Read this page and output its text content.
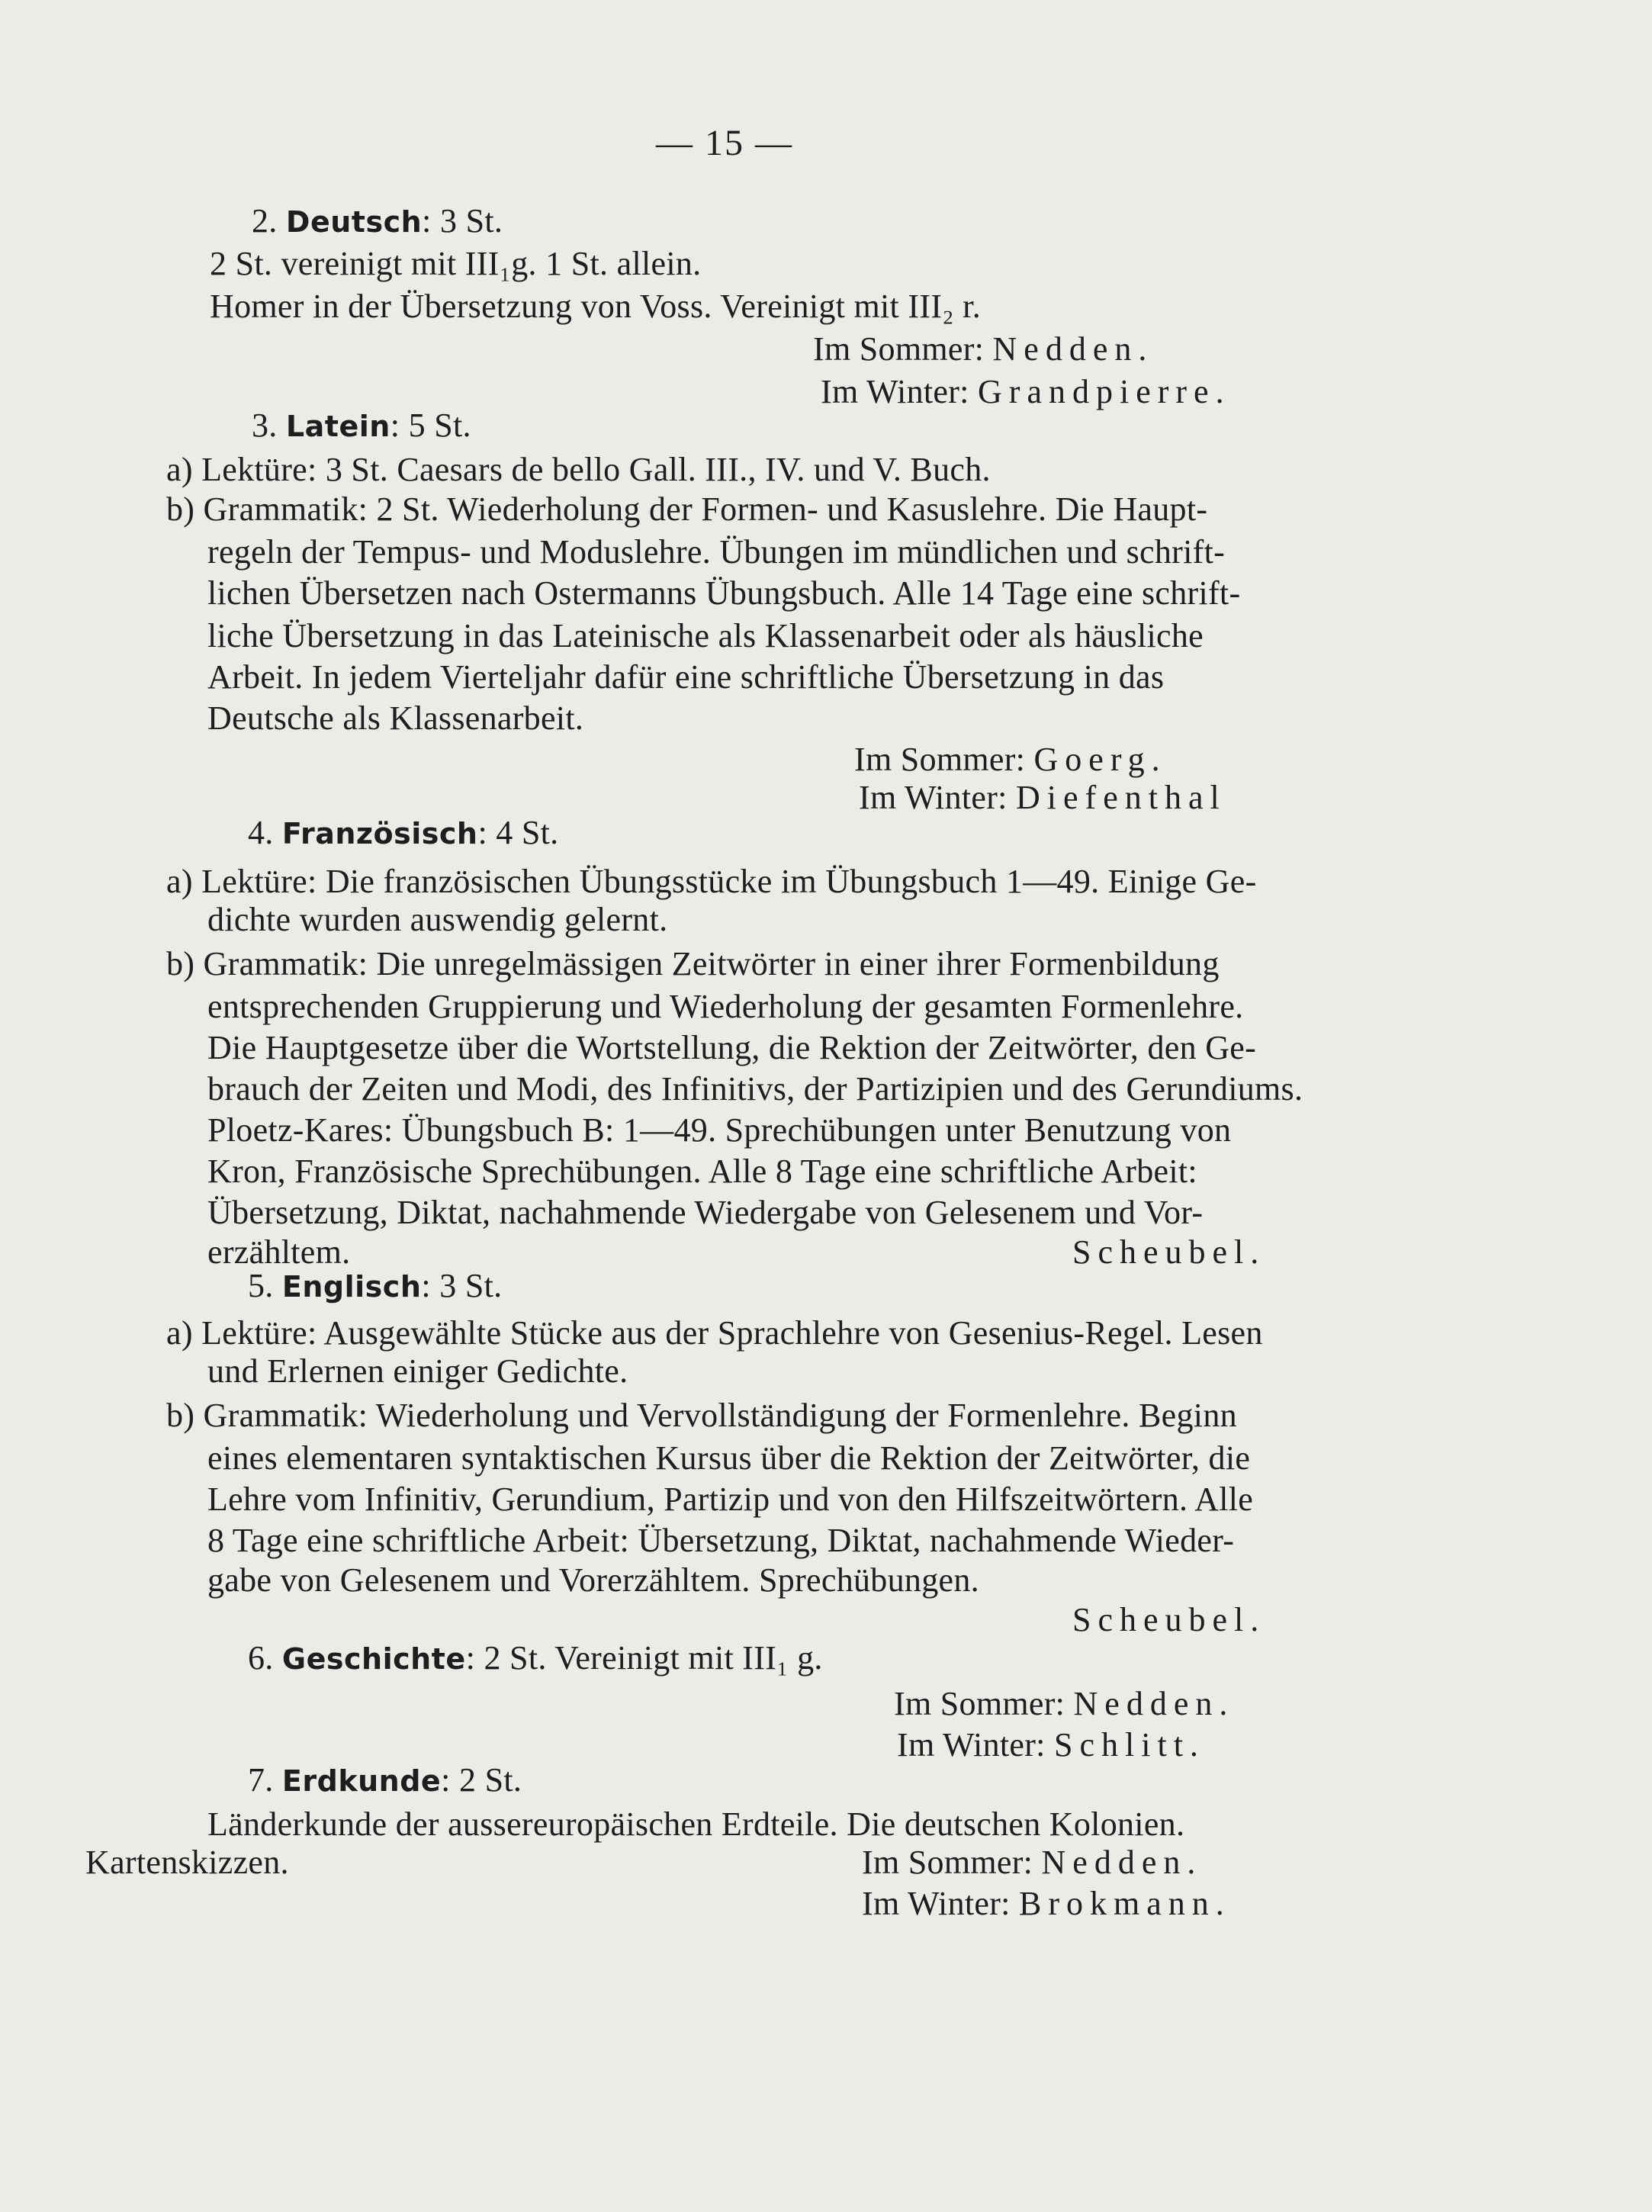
— 15 —
2. Deutsch: 3 St.
2 St. vereinigt mit III₁g. 1 St. allein.
Homer in der Übersetzung von Voss. Vereinigt mit III₂ r.
Im Sommer: Nedden.
Im Winter: Grandpierre.
3. Latein: 5 St.
a) Lektüre: 3 St. Caesars de bello Gall. III., IV. und V. Buch.
b) Grammatik: 2 St. Wiederholung der Formen- und Kasuslehre. Die Haupt-
regeln der Tempus- und Moduslehre. Übungen im mündlichen und schrift-
lichen Übersetzen nach Ostermanns Übungsbuch. Alle 14 Tage eine schrift-
liche Übersetzung in das Lateinische als Klassenarbeit oder als häusliche
Arbeit. In jedem Vierteljahr dafür eine schriftliche Übersetzung in das
Deutsche als Klassenarbeit.
Im Sommer: Goerg.
Im Winter: Diefenthal
4. Französisch: 4 St.
a) Lektüre: Die französischen Übungsstücke im Übungsbuch 1—49. Einige Ge-
dichte wurden auswendig gelernt.
b) Grammatik: Die unregelmässigen Zeitwörter in einer ihrer Formenbildung
entsprechenden Gruppierung und Wiederholung der gesamten Formenlehre.
Die Hauptgesetze über die Wortstellung, die Rektion der Zeitwörter, den Ge-
brauch der Zeiten und Modi, des Infinitivs, der Partizipien und des Gerundiums.
Ploetz-Kares: Übungsbuch B: 1—49. Sprechübungen unter Benutzung von
Kron, Französische Sprechübungen. Alle 8 Tage eine schriftliche Arbeit:
Übersetzung, Diktat, nachahmende Wiedergabe von Gelesenem und Vor-
erzähltem.	Scheubel.
5. Englisch: 3 St.
a) Lektüre: Ausgewählte Stücke aus der Sprachlehre von Gesenius-Regel. Lesen
und Erlernen einiger Gedichte.
b) Grammatik: Wiederholung und Vervollständigung der Formenlehre. Beginn
eines elementaren syntaktischen Kursus über die Rektion der Zeitwörter, die
Lehre vom Infinitiv, Gerundium, Partizip und von den Hilfszeitwörtern. Alle
8 Tage eine schriftliche Arbeit: Übersetzung, Diktat, nachahmende Wieder-
gabe von Gelesenem und Vorerzähltem. Sprechübungen.
Scheubel.
6. Geschichte: 2 St. Vereinigt mit III₁ g.
Im Sommer: Nedden.
Im Winter: Schlitt.
7. Erdkunde: 2 St.
Länderkunde der aussereuropäischen Erdteile. Die deutschen Kolonien.
Kartenskizzen.	Im Sommer: Nedden.
Im Winter: Brokmann.
